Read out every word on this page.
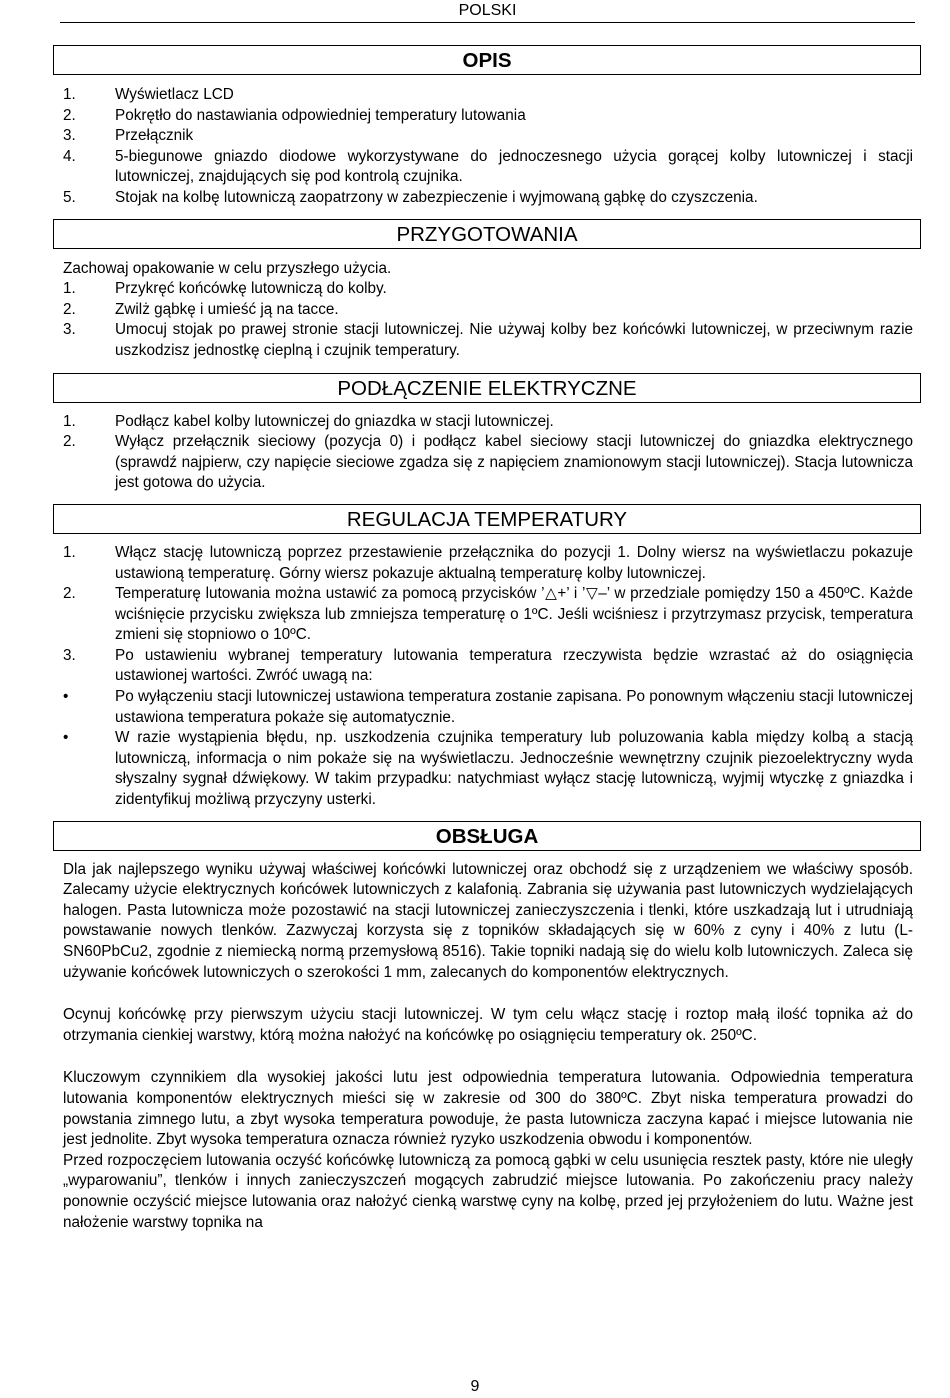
POLSKI
OPIS
1.	Wyświetlacz LCD
2.	Pokrętło do nastawiania odpowiedniej temperatury lutowania
3.	Przełącznik
4.	5-biegunowe gniazdo diodowe wykorzystywane do jednoczesnego użycia gorącej kolby lutowniczej i stacji lutowniczej, znajdujących się pod kontrolą czujnika.
5.	Stojak na kolbę lutowniczą zaopatrzony w zabezpieczenie i wyjmowaną gąbkę do czyszczenia.
PRZYGOTOWANIA

Zachowaj opakowanie w celu przyszłego użycia.

1.	Przykręć końcówkę lutowniczą do kolby.
2.	Zwilż gąbkę i umieść ją na tacce.
3.	Umocuj stojak po prawej stronie stacji lutowniczej. Nie używaj kolby bez końcówki lutowniczej, w przeciwnym razie uszkodzisz jednostkę cieplną i czujnik temperatury.
PODŁĄCZENIE ELEKTRYCZNE
1.	Podłącz kabel kolby lutowniczej do gniazdka w stacji lutowniczej.
2.	Wyłącz przełącznik sieciowy (pozycja 0) i podłącz kabel sieciowy stacji lutowniczej do gniazdka elektrycznego (sprawdź najpierw, czy napięcie sieciowe zgadza się z napięciem znamionowym stacji lutowniczej). Stacja lutownicza jest gotowa do użycia.
REGULACJA TEMPERATURY
1.	Włącz stację lutowniczą poprzez przestawienie przełącznika do pozycji 1. Dolny wiersz na wyświetlaczu pokazuje ustawioną temperaturę. Górny wiersz pokazuje aktualną temperaturę kolby lutowniczej.
2.	Temperaturę lutowania można ustawić za pomocą przycisków ’△+’ i ’▽–’ w przedziale pomiędzy 150 a 450ºC. Każde wciśnięcie przycisku zwiększa lub zmniejsza temperaturę o 1ºC. Jeśli wciśniesz i przytrzymasz przycisk, temperatura zmieni się stopniowo o 10ºC.
3.	Po ustawieniu wybranej temperatury lutowania temperatura rzeczywista będzie wzrastać aż do osiągnięcia ustawionej wartości. Zwróć uwagą na:
•	Po wyłączeniu stacji lutowniczej ustawiona temperatura zostanie zapisana. Po ponownym włączeniu stacji lutowniczej ustawiona temperatura pokaże się automatycznie.
•	W razie wystąpienia błędu, np. uszkodzenia czujnika temperatury lub poluzowania kabla między kolbą a stacją lutowniczą, informacja o nim pokaże się na wyświetlaczu. Jednocześnie wewnętrzny czujnik piezoelektryczny wyda słyszalny sygnał dźwiękowy. W takim przypadku: natychmiast wyłącz stację lutowniczą, wyjmij wtyczkę z gniazdka i zidentyfikuj możliwą przyczyny usterki.
OBSŁUGA

Dla jak najlepszego wyniku używaj właściwej końcówki lutowniczej oraz obchodź się z urządzeniem we właściwy sposób. Zalecamy użycie elektrycznych końcówek lutowniczych z kalafonią. Zabrania się używania past lutowniczych wydzielających halogen. Pasta lutownicza może pozostawić na stacji lutowniczej zanieczyszczenia i tlenki, które uszkadzają lut i utrudniają powstawanie nowych tlenków. Zazwyczaj korzysta się z topników składających się w 60% z cyny i 40% z lutu (L-SN60PbCu2, zgodnie z niemiecką normą przemysłową 8516). Takie topniki nadają się do wielu kolb lutowniczych. Zaleca się używanie końcówek lutowniczych o szerokości 1 mm, zalecanych do komponentów elektrycznych.

Ocynuj końcówkę przy pierwszym użyciu stacji lutowniczej. W tym celu włącz stację i roztop małą ilość topnika aż do otrzymania cienkiej warstwy, którą można nałożyć na końcówkę po osiągnięciu temperatury ok. 250ºC.

Kluczowym czynnikiem dla wysokiej jakości lutu jest odpowiednia temperatura lutowania. Odpowiednia temperatura lutowania komponentów elektrycznych mieści się w zakresie od 300 do 380ºC. Zbyt niska temperatura prowadzi do powstania zimnego lutu, a zbyt wysoka temperatura powoduje, że pasta lutownicza zaczyna kapać i miejsce lutowania nie jest jednolite. Zbyt wysoka temperatura oznacza również ryzyko uszkodzenia obwodu i komponentów.

Przed rozpoczęciem lutowania oczyść końcówkę lutowniczą za pomocą gąbki w celu usunięcia resztek pasty, które nie uległy „wyparowaniu”, tlenków i innych zanieczyszczeń mogących zabrudzić miejsce lutowania. Po zakończeniu pracy należy ponownie oczyścić miejsce lutowania oraz nałożyć cienką warstwę cyny na kolbę, przed jej przyłożeniem do lutu. Ważne jest nałożenie warstwy topnika na

9
